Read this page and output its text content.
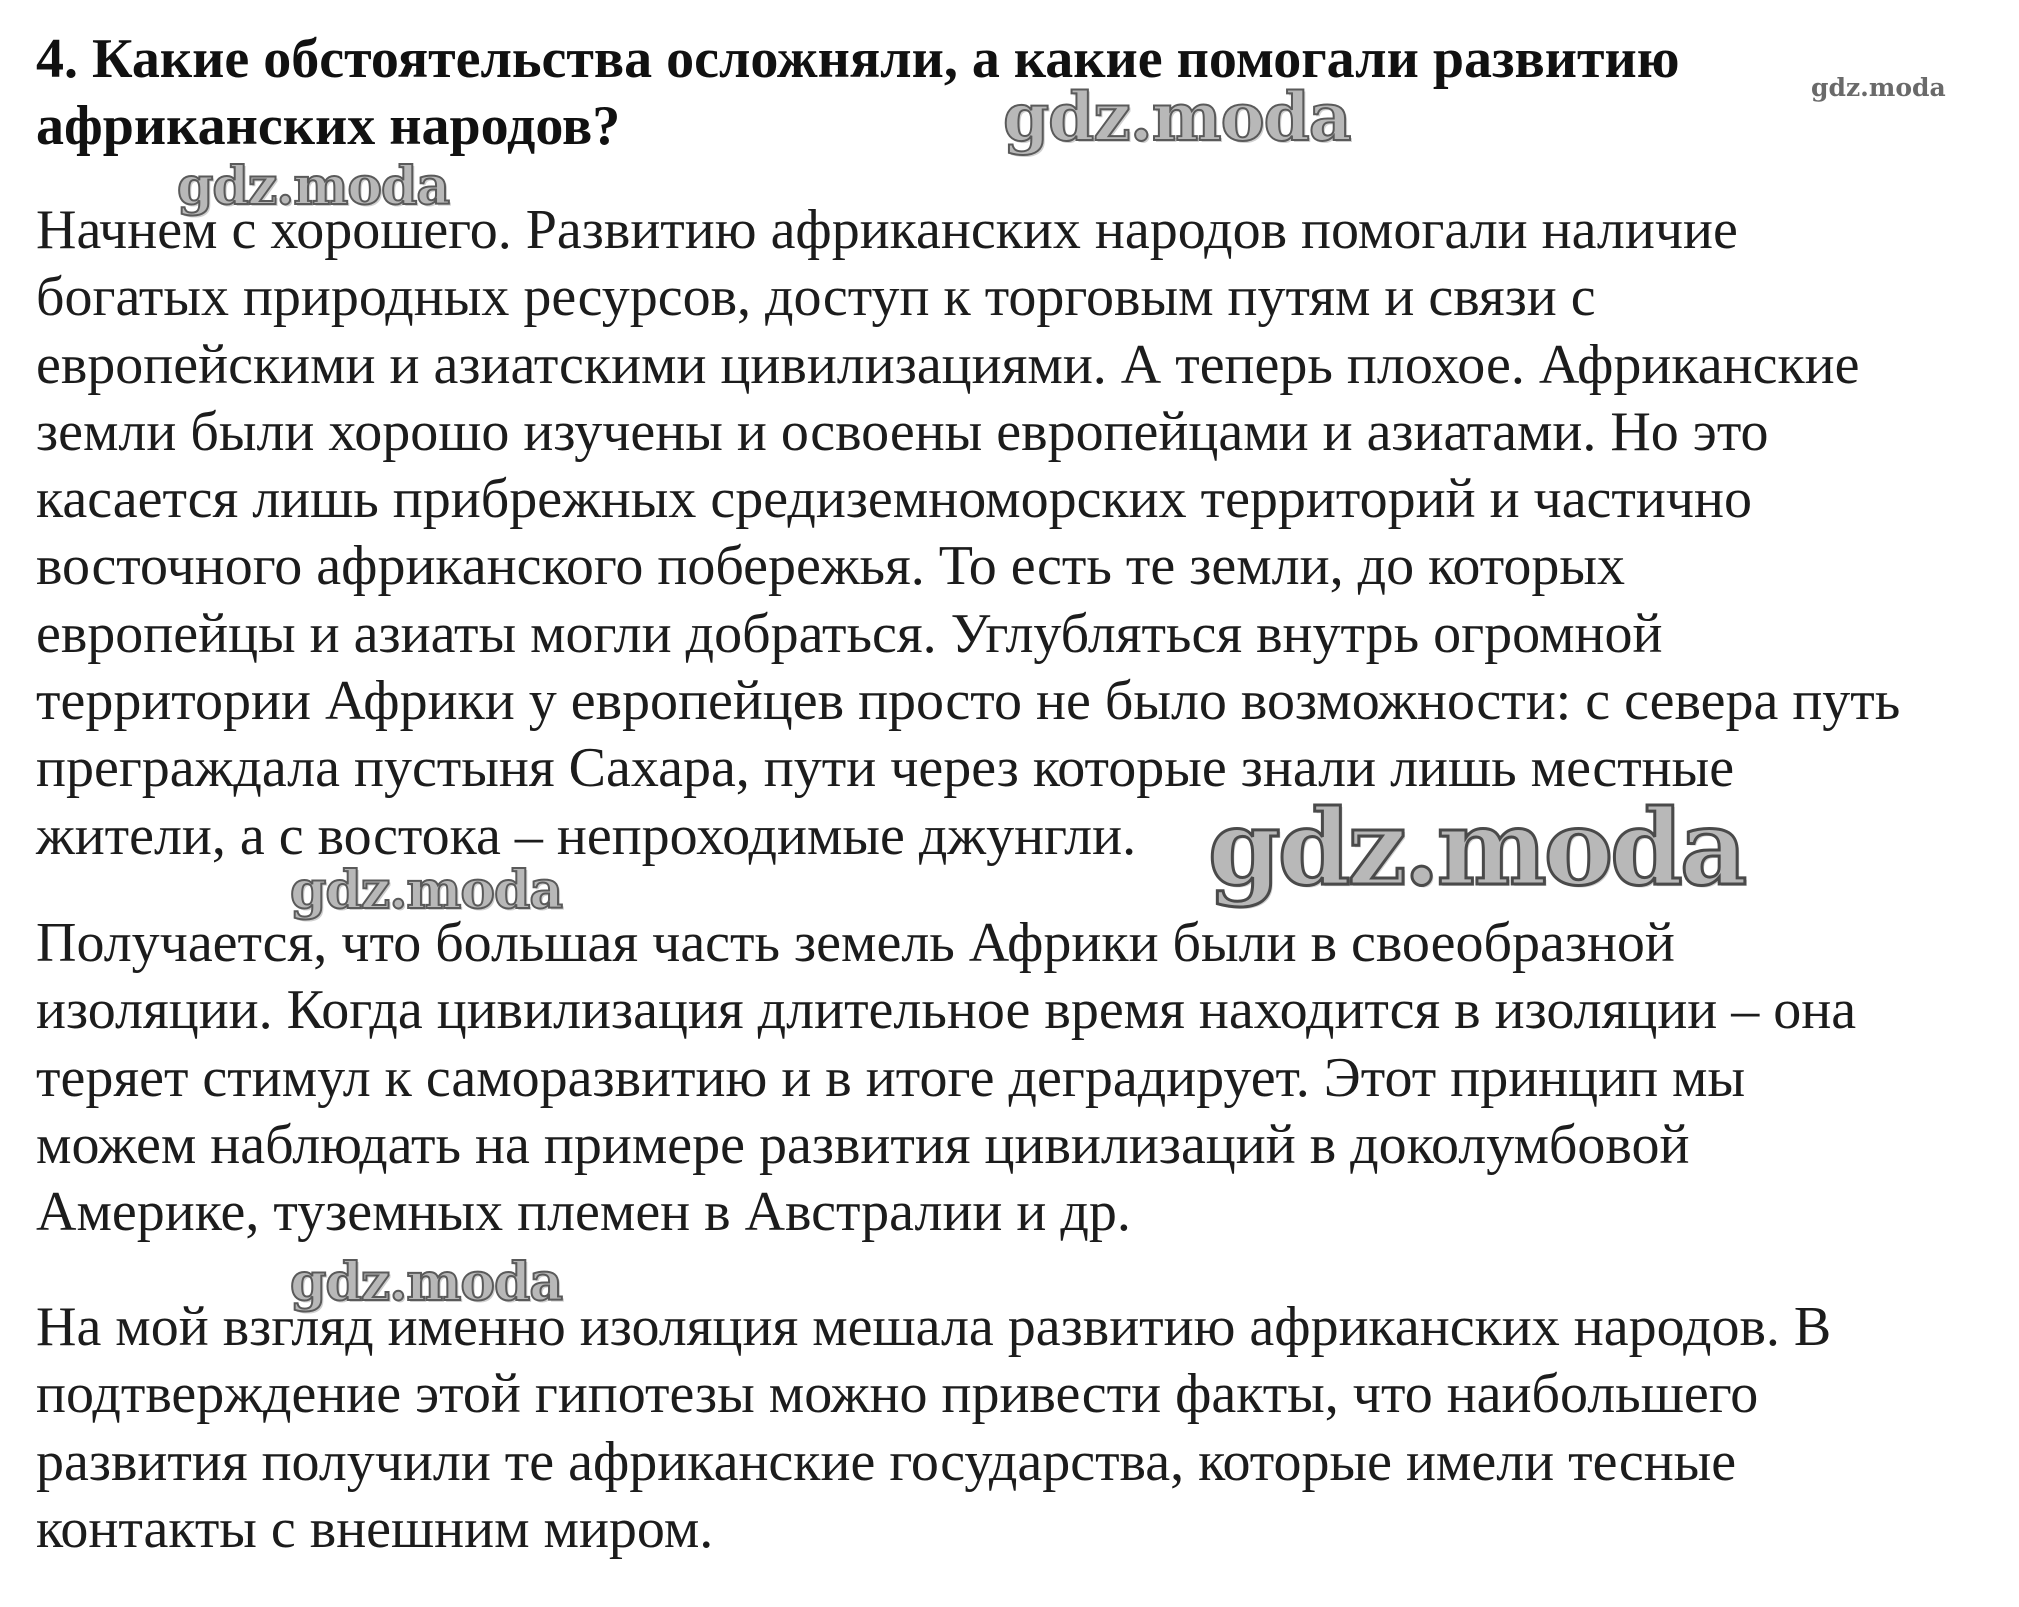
4. Какие обстоятельства осложняли, а какие помогали развитию
африканских народов?

Начнем с хорошего. Развитию африканских народов помогали наличие
богатых природных ресурсов, доступ к торговым путям и связи с
европейскими и азиатскими цивилизациями. А теперь плохое. Африканские
земли были хорошо изучены и освоены европейцами и азиатами. Но это
касается лишь прибрежных средиземноморских территорий и частично
восточного африканского побережья. То есть те земли, до которых
европейцы и азиаты могли добраться. Углубляться внутрь огромной
территории Африки у европейцев просто не было возможности: с севера путь
преграждала пустыня Сахара, пути через которые знали лишь местные
жители, а с востока – непроходимые джунгли.

Получается, что большая часть земель Африки были в своеобразной
изоляции. Когда цивилизация длительное время находится в изоляции – она
теряет стимул к саморазвитию и в итоге деградирует. Этот принцип мы
можем наблюдать на примере развития цивилизаций в доколумбовой
Америке, туземных племен в Австралии и др.

На мой взгляд именно изоляция мешала развитию африканских народов. В
подтверждение этой гипотезы можно привести факты, что наибольшего
развития получили те африканские государства, которые имели тесные
контакты с внешним миром.

gdz.moda	gdz.moda
gdz.moda
gdz.moda
gdz.moda
gdz.moda
